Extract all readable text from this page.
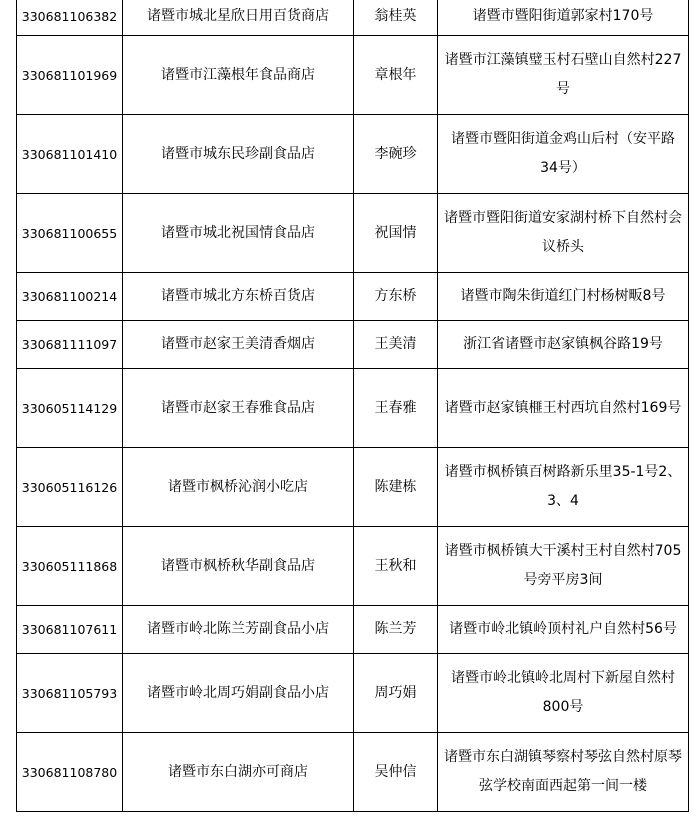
330681106382	诸暨市城北星欣日用百货商店	翁桂英	诸暨市暨阳街道郭家村170号
330681101969	诸暨市江藻根年食品商店	章根年	诸暨市江藻镇璧玉村石壁山自然村227号
330681101410	诸暨市城东民珍副食品店	李碗珍	诸暨市暨阳街道金鸡山后村（安平路34号）
330681100655	诸暨市城北祝国情食品店	祝国情	诸暨市暨阳街道安家湖村桥下自然村会议桥头
330681100214	诸暨市城北方东桥百货店	方东桥	诸暨市陶朱街道红门村杨树畈8号
330681111097	诸暨市赵家王美清香烟店	王美清	浙江省诸暨市赵家镇枫谷路19号
330605114129	诸暨市赵家王春雅食品店	王春雅	诸暨市赵家镇榧王村西坑自然村169号
330605116126	诸暨市枫桥沁润小吃店	陈建栋	诸暨市枫桥镇百树路新乐里35-1号2、3、4
330605111868	诸暨市枫桥秋华副食品店	王秋和	诸暨市枫桥镇大干溪村王村自然村705号旁平房3间
330681107611	诸暨市岭北陈兰芳副食品小店	陈兰芳	诸暨市岭北镇岭顶村礼户自然村56号
330681105793	诸暨市岭北周巧娟副食品小店	周巧娟	诸暨市岭北镇岭北周村下新屋自然村800号
330681108780	诸暨市东白湖亦可商店	吴仲信	诸暨市东白湖镇琴察村琴弦自然村原琴弦学校南面西起第一间一楼
